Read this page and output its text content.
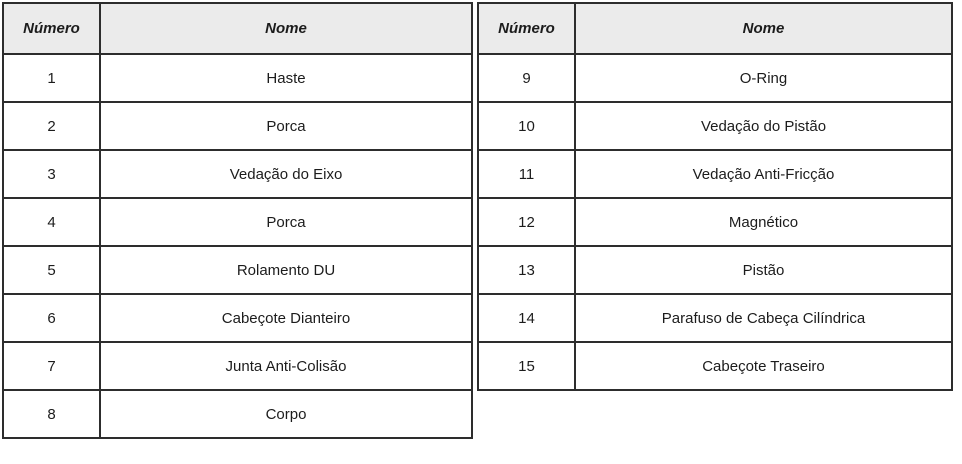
Número	Nome
1	Haste
2	Porca
3	Vedação do Eixo
4	Porca
5	Rolamento DU
6	Cabeçote Dianteiro
7	Junta Anti-Colisão
8	Corpo
Número	Nome
9	O-Ring
10	Vedação do Pistão
11	Vedação Anti-Fricção
12	Magnético
13	Pistão
14	Parafuso de Cabeça Cilíndrica
15	Cabeçote Traseiro
